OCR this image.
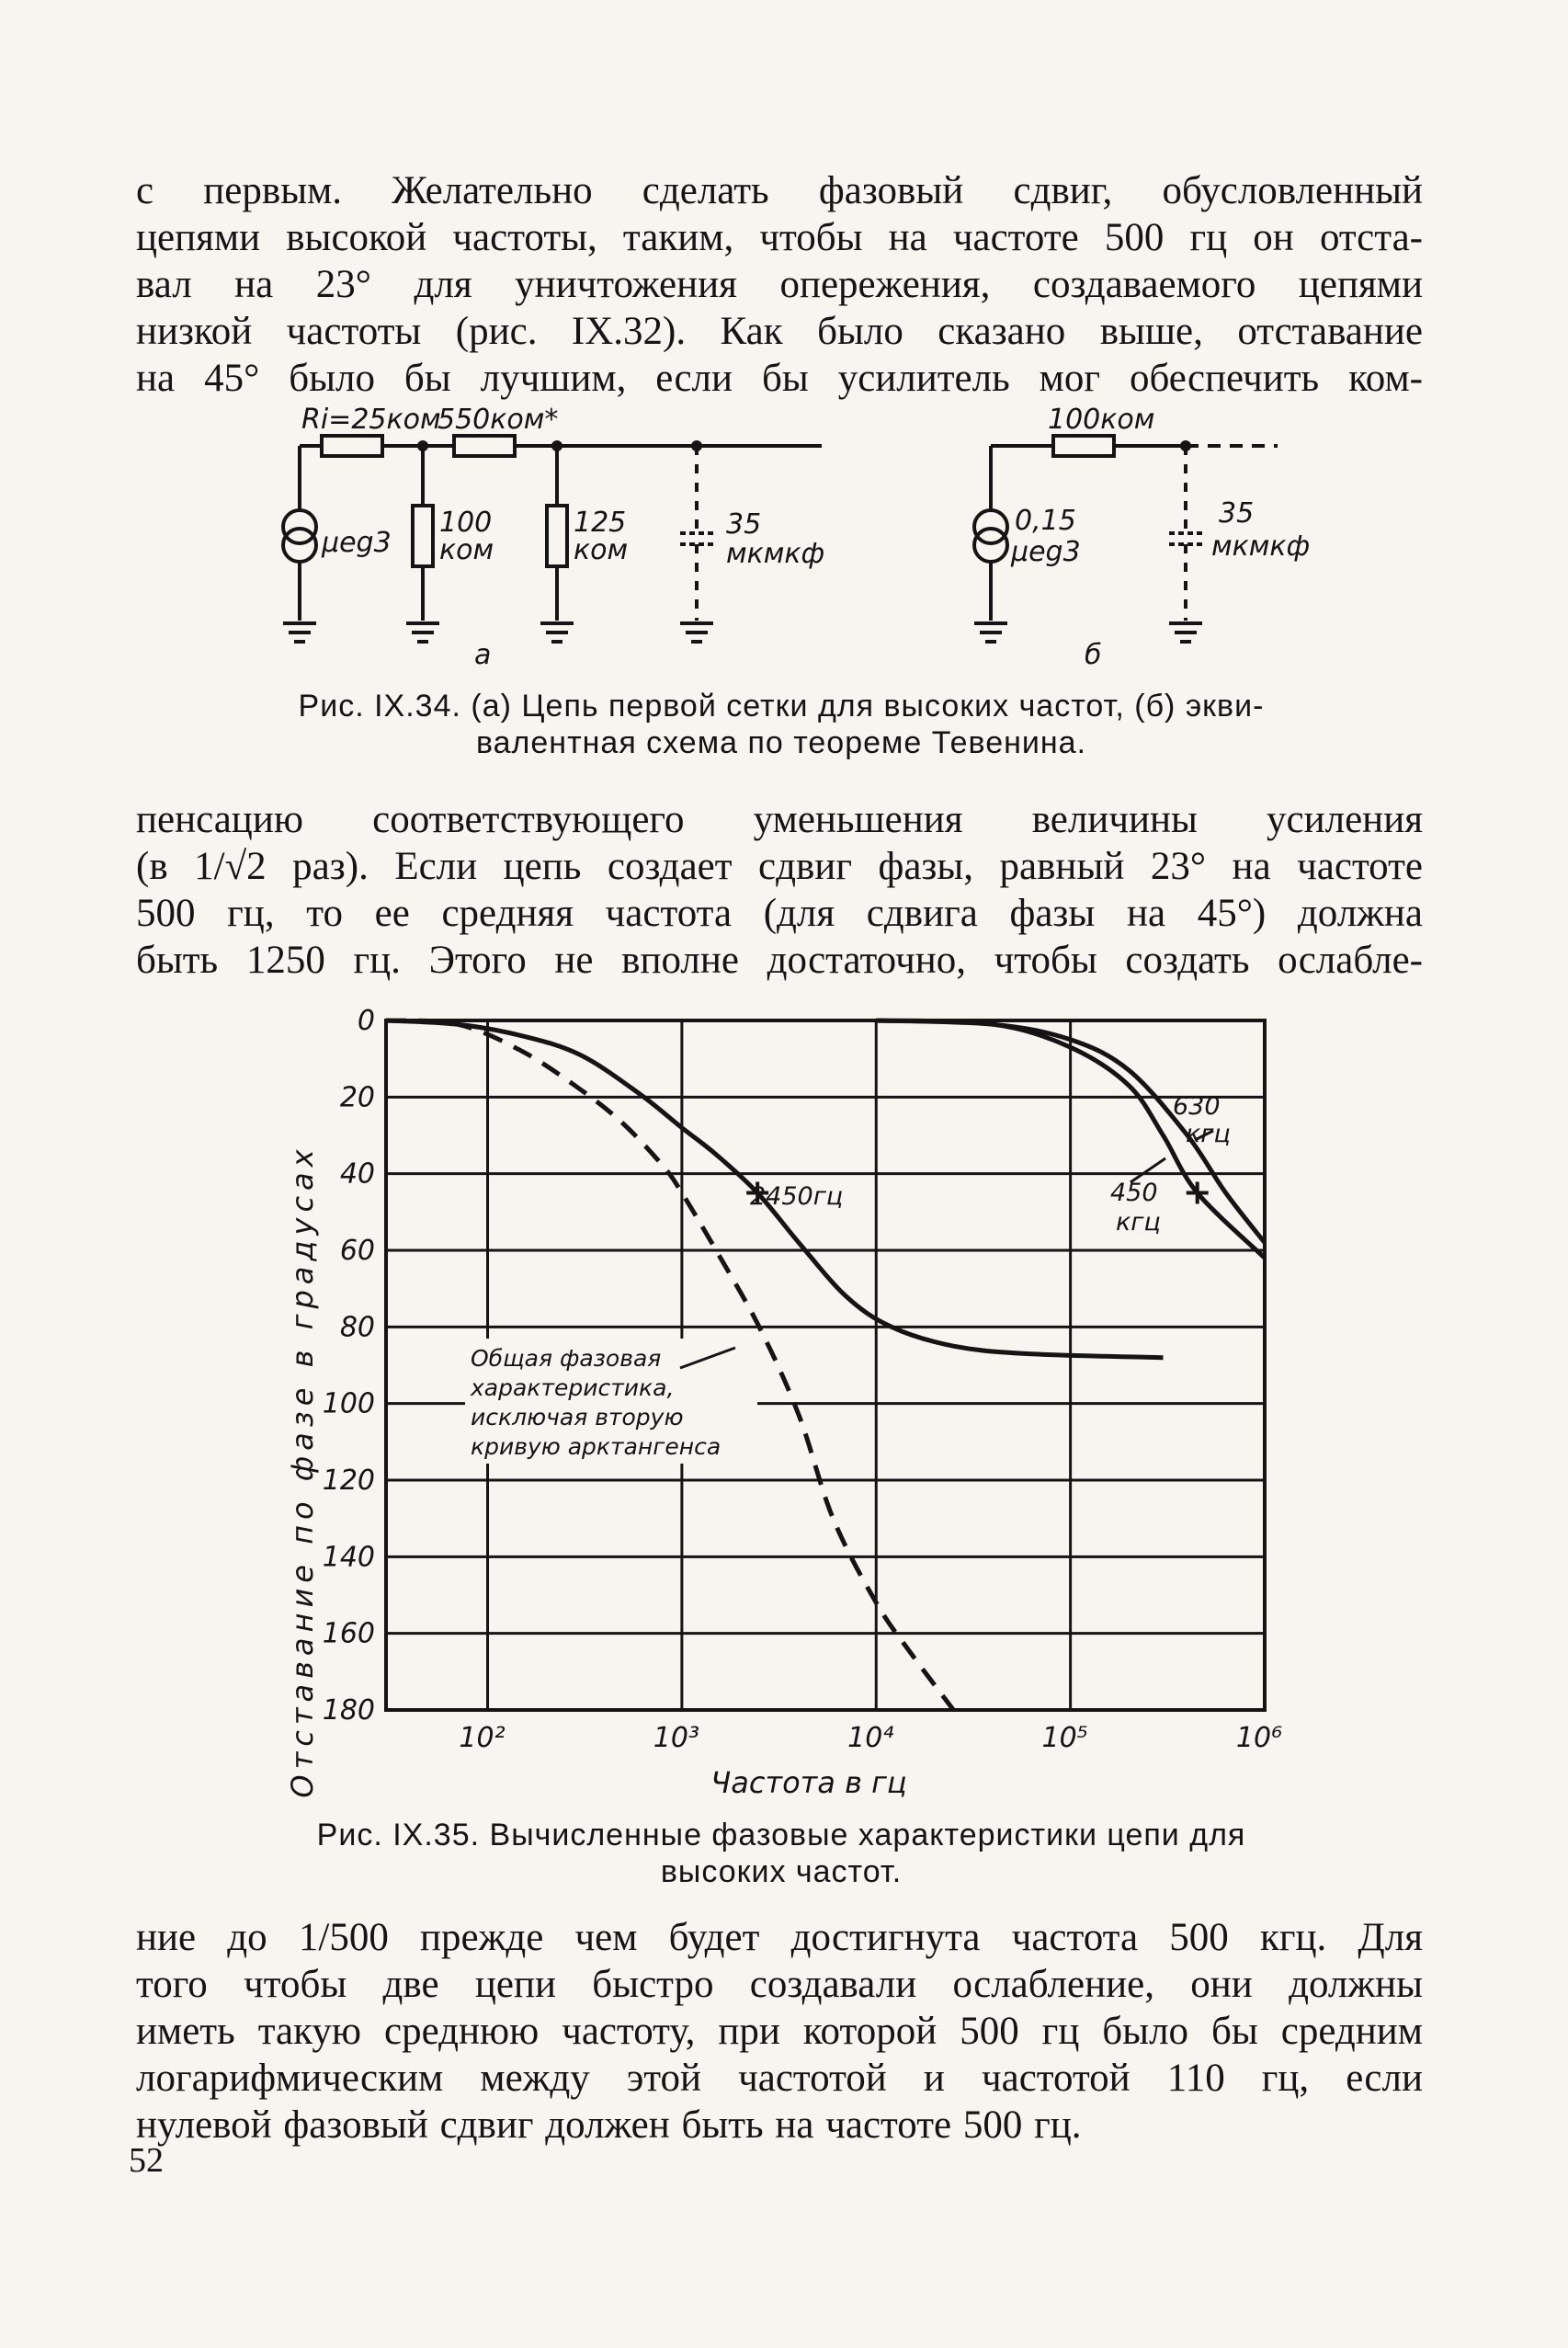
с первым. Желательно сделать фазовый сдвиг, обусловленный
цепями высокой частоты, таким, чтобы на частоте 500 гц он отста-
вал на 23° для уничтожения опережения, создаваемого цепями
низкой частоты (рис. IX.32). Как было сказано выше, отставание
на 45° было бы лучшим, если бы усилитель мог обеспечить ком-
Ri=25ком
550ком*
100
ком
125
ком
35
мкмкф
μeg3
а
100ком
0,15
μeg3
35
мкмкф
б
Рис. IX.34. (а) Цепь первой сетки для высоких частот, (б) экви-
валентная схема по теореме Тевенина.
пенсацию соответствующего уменьшения величины усиления
(в 1/√2 раз). Если цепь создает сдвиг фазы, равный 23° на частоте
500 гц, то ее средняя частота (для сдвига фазы на 45°) должна
быть 1250 гц. Этого не вполне достаточно, чтобы создать ослабле-
0
20
40
60
80
100
120
140
160
180
10²	10³	10⁴	10⁵	10⁶
Отставание по фазе в градусах	Частота в гц
2450гц
630
кгц
450
кгц
Общая фазовая
характеристика,
исключая вторую
кривую арктангенса
Рис. IX.35. Вычисленные фазовые характеристики цепи для
высоких частот.
ние до 1/500 прежде чем будет достигнута частота 500 кгц. Для
того чтобы две цепи быстро создавали ослабление, они должны
иметь такую среднюю частоту, при которой 500 гц было бы средним
логарифмическим между этой частотой и частотой 110 гц, если
нулевой фазовый сдвиг должен быть на частоте 500 гц.
52
